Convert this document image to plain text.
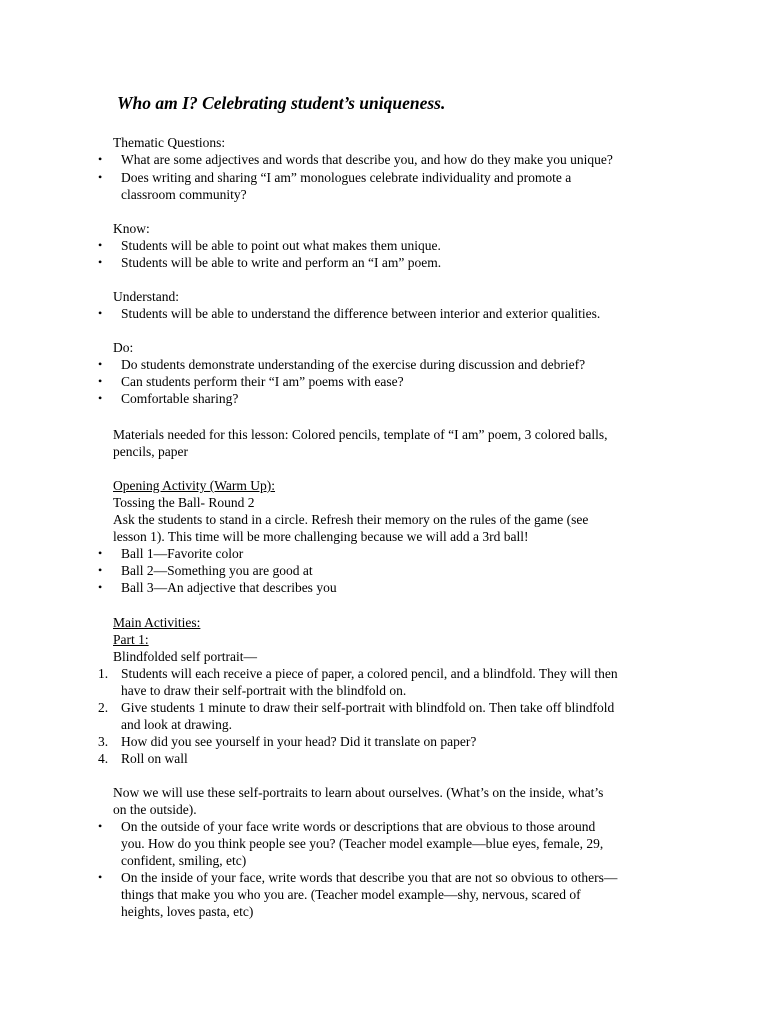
Who am I? Celebrating student’s uniqueness.
Thematic Questions:
•	What are some adjectives and words that describe you, and how do they make you unique?
•	Does writing and sharing “I am” monologues celebrate individuality and promote a
classroom community?
Know:
•	Students will be able to point out what makes them unique.
•	Students will be able to write and perform an “I am” poem.
Understand:
•	Students will be able to understand the difference between interior and exterior qualities.
Do:
•	Do students demonstrate understanding of the exercise during discussion and debrief?
•	Can students perform their “I am” poems with ease?
•	Comfortable sharing?
Materials needed for this lesson: Colored pencils, template of “I am” poem, 3 colored balls,
pencils, paper
Opening Activity (Warm Up):
Tossing the Ball- Round 2
Ask the students to stand in a circle. Refresh their memory on the rules of the game (see
lesson 1). This time will be more challenging because we will add a 3rd ball!
•	Ball 1—Favorite color
•	Ball 2—Something you are good at
•	Ball 3—An adjective that describes you
Main Activities:
Part 1:
Blindfolded self portrait—
1. Students will each receive a piece of paper, a colored pencil, and a blindfold. They will then
have to draw their self-portrait with the blindfold on.
2. Give students 1 minute to draw their self-portrait with blindfold on. Then take off blindfold
and look at drawing.
3. How did you see yourself in your head? Did it translate on paper?
4. Roll on wall
Now we will use these self-portraits to learn about ourselves. (What’s on the inside, what’s
on the outside).
•	On the outside of your face write words or descriptions that are obvious to those around
you. How do you think people see you? (Teacher model example—blue eyes, female, 29,
confident, smiling, etc)
•	On the inside of your face, write words that describe you that are not so obvious to others—
things that make you who you are. (Teacher model example—shy, nervous, scared of
heights, loves pasta, etc)
